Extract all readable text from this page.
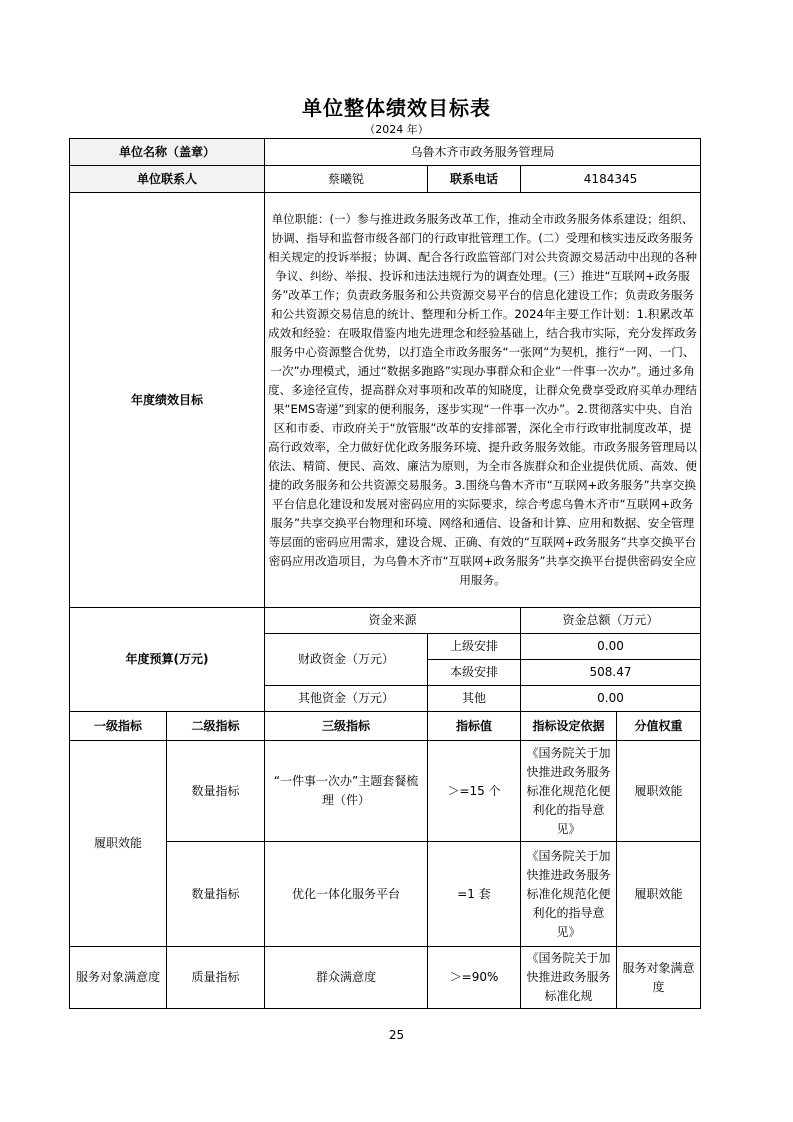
单位整体绩效目标表
（2024 年）
单位名称（盖章）		乌鲁木齐市政务服务管理局			
单位联系人		蔡曦锐	联系电话	4184345	
年度绩效目标		单位职能：(一）参与推进政务服务改革工作，推动全市政务服务体系建设；组织、协调、指导和监督市级各部门的行政审批管理工作。(二）受理和核实违反政务服务相关规定的投诉举报；协调、配合各行政监管部门对公共资源交易活动中出现的各种争议、纠纷、举报、投诉和违法违规行为的调查处理。(三）推进“互联网+政务服务”改革工作；负责政务服务和公共资源交易平台的信息化建设工作；负责政务服务和公共资源交易信息的统计、整理和分析工作。2024年主要工作计划：1.积累改革成效和经验：在吸取借鉴内地先进理念和经验基础上，结合我市实际，充分发挥政务服务中心资源整合优势，以打造全市政务服务“一张网”为契机，推行“一网、一门、一次”办理模式，通过“数据多跑路”实现办事群众和企业“一件事一次办”。通过多角度、多途径宣传，提高群众对事项和改革的知晓度，让群众免费享受政府买单办理结果“EMS寄递”到家的便利服务，逐步实现“一件事一次办”。2.贯彻落实中央、自治区和市委、市政府关于“放管服”改革的安排部署，深化全市行政审批制度改革，提高行政效率，全力做好优化政务服务环境、提升政务服务效能。市政务服务管理局以依法、精简、便民、高效、廉洁为原则，为全市各族群众和企业提供优质、高效、便捷的政务服务和公共资源交易服务。3.围绕乌鲁木齐市“互联网+政务服务”共享交换平台信息化建设和发展对密码应用的实际要求，综合考虑乌鲁木齐市“互联网+政务服务”共享交换平台物理和环境、网络和通信、设备和计算、应用和数据、安全管理等层面的密码应用需求，建设合规、正确、有效的“互联网+政务服务”共享交换平台密码应用改造项目，为乌鲁木齐市“互联网+政务服务”共享交换平台提供密码安全应用服务。			
年度预算(万元)		资金来源		资金总额（万元）	
		财政资金（万元）	上级安排	0.00	
			本级安排	508.47	
		其他资金（万元）	其他	0.00	
一级指标	二级指标	三级指标	指标值	指标设定依据	分值权重
履职效能	数量指标	“一件事一次办”主题套餐梳理（件）	＞=15 个	《国务院关于加快推进政务服务标准化规范化便利化的指导意见》	履职效能
	数量指标	优化一体化服务平台	=1 套	《国务院关于加快推进政务服务标准化规范化便利化的指导意见》	履职效能
服务对象满意度	质量指标	群众满意度	＞=90%	《国务院关于加快推进政务服务标准化规	服务对象满意度
25
